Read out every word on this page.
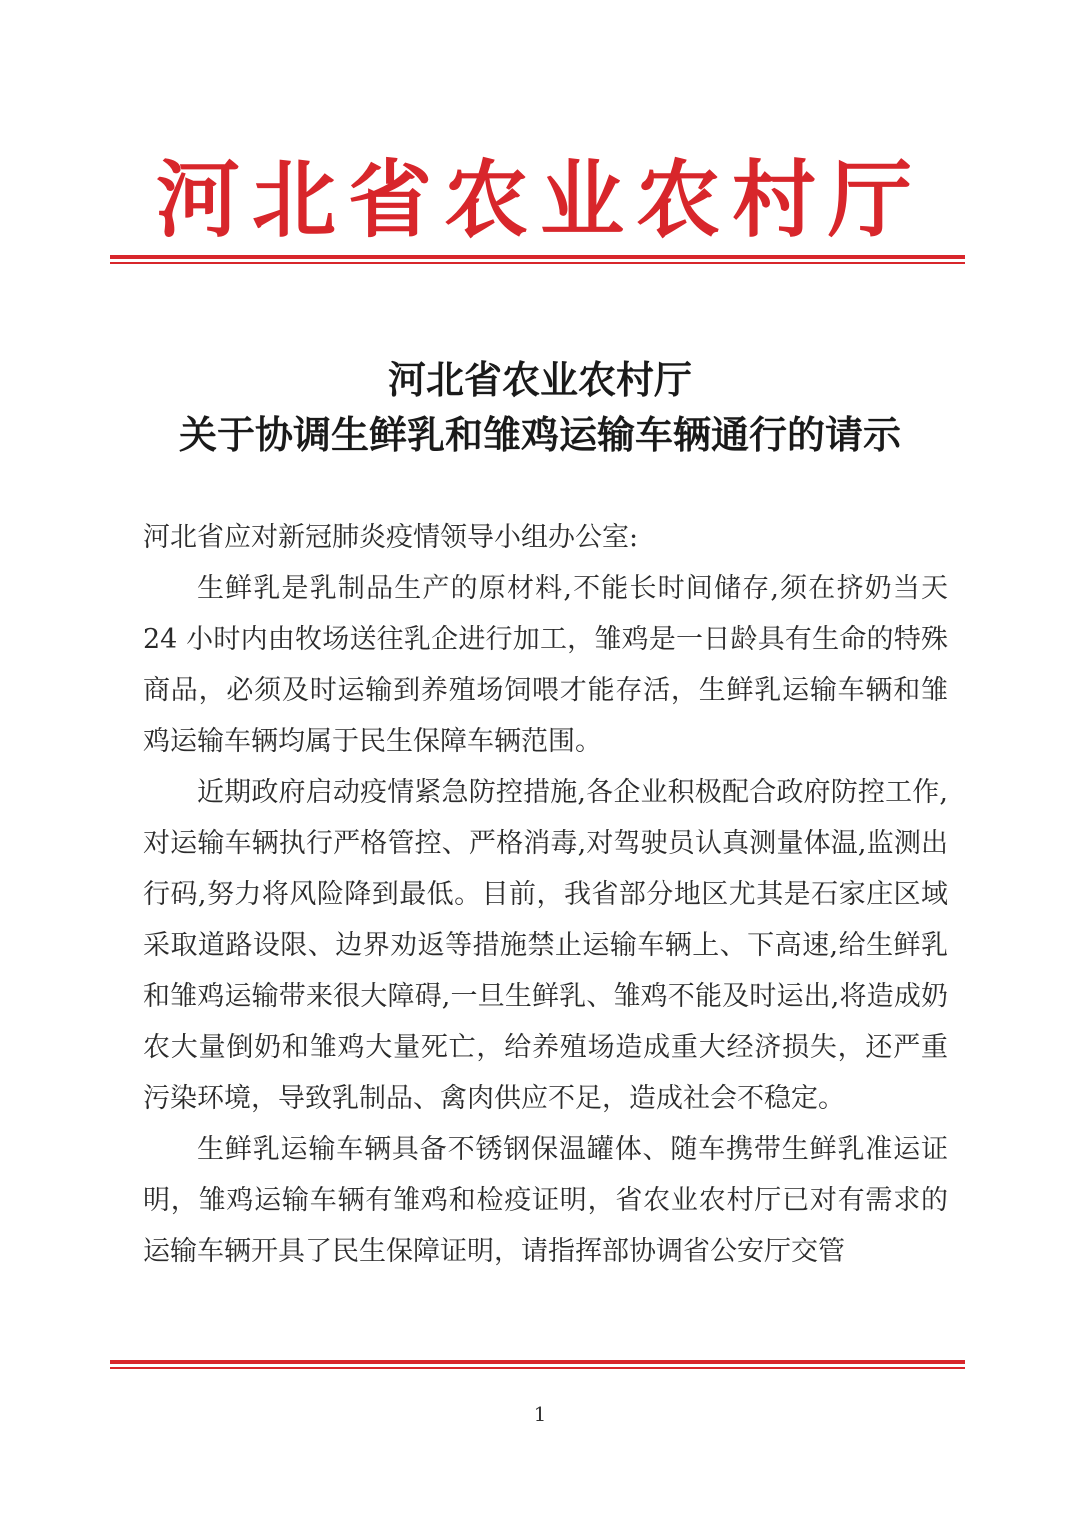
河北省农业农村厅
河北省农业农村厅
关于协调生鲜乳和雏鸡运输车辆通行的请示

河北省应对新冠肺炎疫情领导小组办公室:

生鲜乳是乳制品生产的原材料,不能长时间储存,须在挤奶当天 24 小时内由牧场送往乳企进行加工，雏鸡是一日龄具有生命的特殊商品，必须及时运输到养殖场饲喂才能存活，生鲜乳运输车辆和雏鸡运输车辆均属于民生保障车辆范围。

近期政府启动疫情紧急防控措施,各企业积极配合政府防控工作,对运输车辆执行严格管控、严格消毒,对驾驶员认真测量体温,监测出行码,努力将风险降到最低。目前，我省部分地区尤其是石家庄区域采取道路设限、边界劝返等措施禁止运输车辆上、下高速,给生鲜乳和雏鸡运输带来很大障碍,一旦生鲜乳、雏鸡不能及时运出,将造成奶农大量倒奶和雏鸡大量死亡，给养殖场造成重大经济损失，还严重污染环境，导致乳制品、禽肉供应不足，造成社会不稳定。

生鲜乳运输车辆具备不锈钢保温罐体、随车携带生鲜乳准运证明，雏鸡运输车辆有雏鸡和检疫证明，省农业农村厅已对有需求的运输车辆开具了民生保障证明，请指挥部协调省公安厅交管

1
